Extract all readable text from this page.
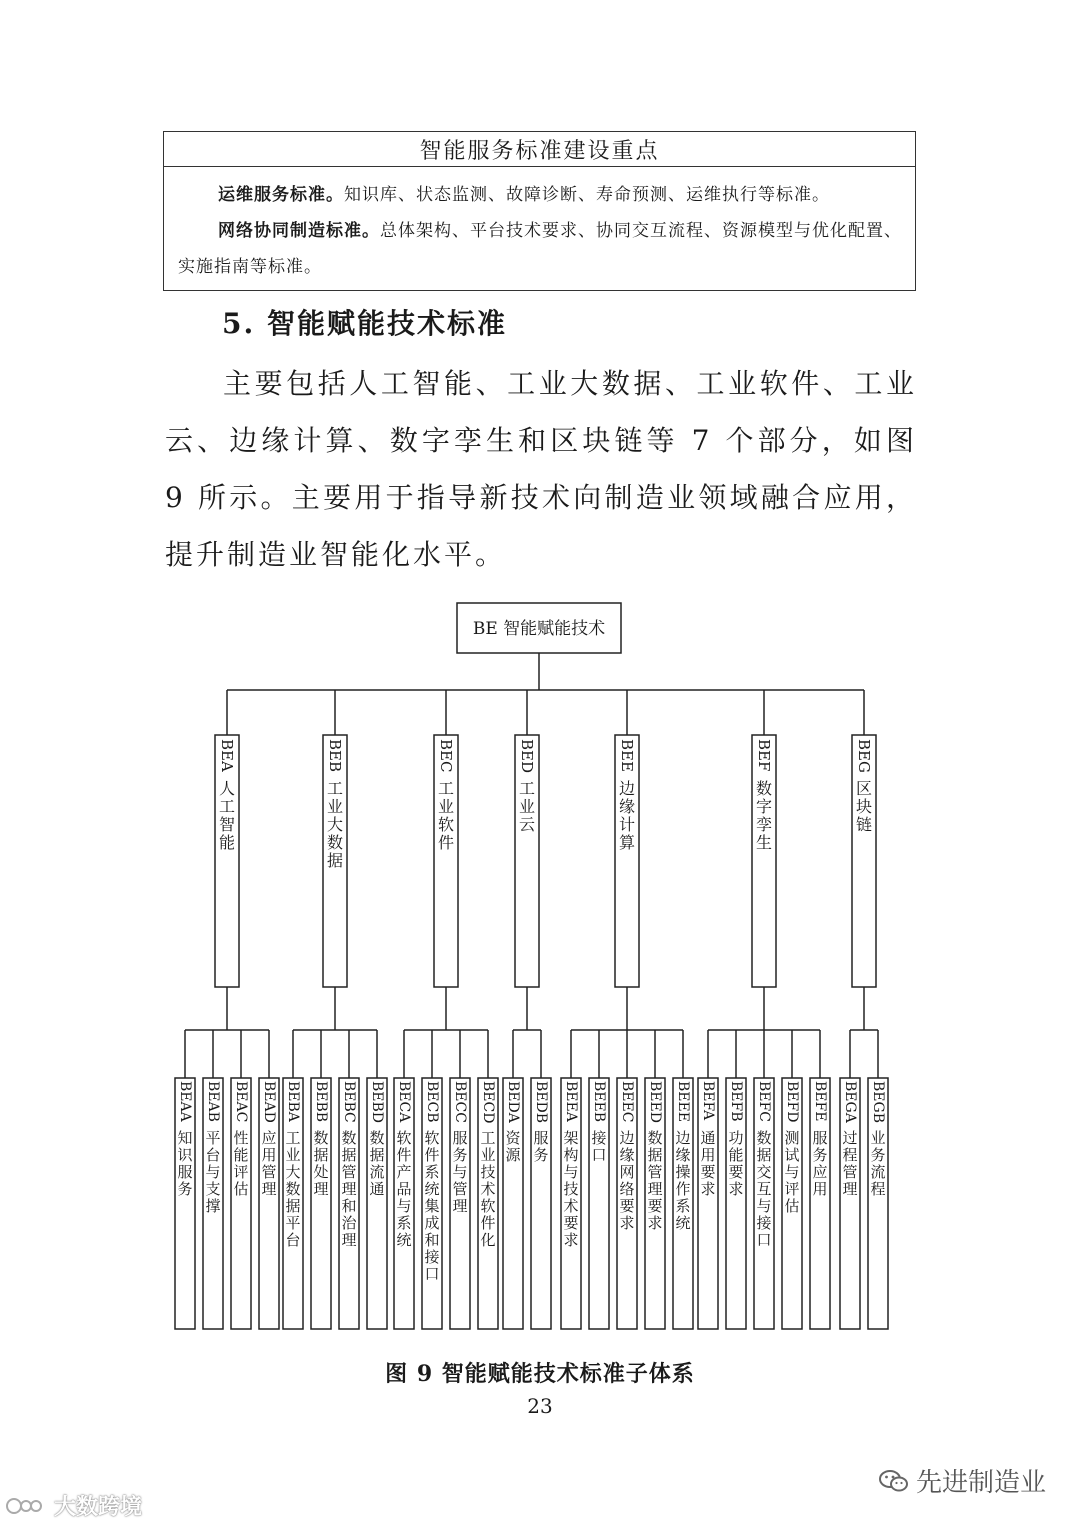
智能服务标准建设重点

运维服务标准。知识库、状态监测、故障诊断、寿命预测、运维执行等标准。

网络协同制造标准。总体架构、平台技术要求、协同交互流程、资源模型与优化配置、实施指南等标准。

5. 智能赋能技术标准

主要包括人工智能、工业大数据、工业软件、工业云、边缘计算、数字孪生和区块链等 7 个部分，如图 9 所示。主要用于指导新技术向制造业领域融合应用，提升制造业智能化水平。

BE 智能赋能技术
BEA
人工智能
BEAA
知识服务
BEAB
平台与支撑
BEAC
性能评估
BEAD
应用管理
BEB
工业大数据
BEBA
工业大数据平台
BEBB
数据处理
BEBC
数据管理和治理
BEBD
数据流通
BEC
工业软件
BECA
软件产品与系统
BECB
软件系统集成和接口
BECC
服务与管理
BECD
工业技术软件化
BED
工业云
BEDA
资源
BEDB
服务
BEE
边缘计算
BEEA
架构与技术要求
BEEB
接口
BEEC
边缘网络要求
BEED
数据管理要求
BEEE
边缘操作系统
BEF
数字孪生
BEFA
通用要求
BEFB
功能要求
BEFC
数据交互与接口
BEFD
测试与评估
BEFE
服务应用
BEG
区块链
BEGA
过程管理
BEGB
业务流程
图 9 智能赋能技术标准子体系
23
先进制造业
大数跨境
